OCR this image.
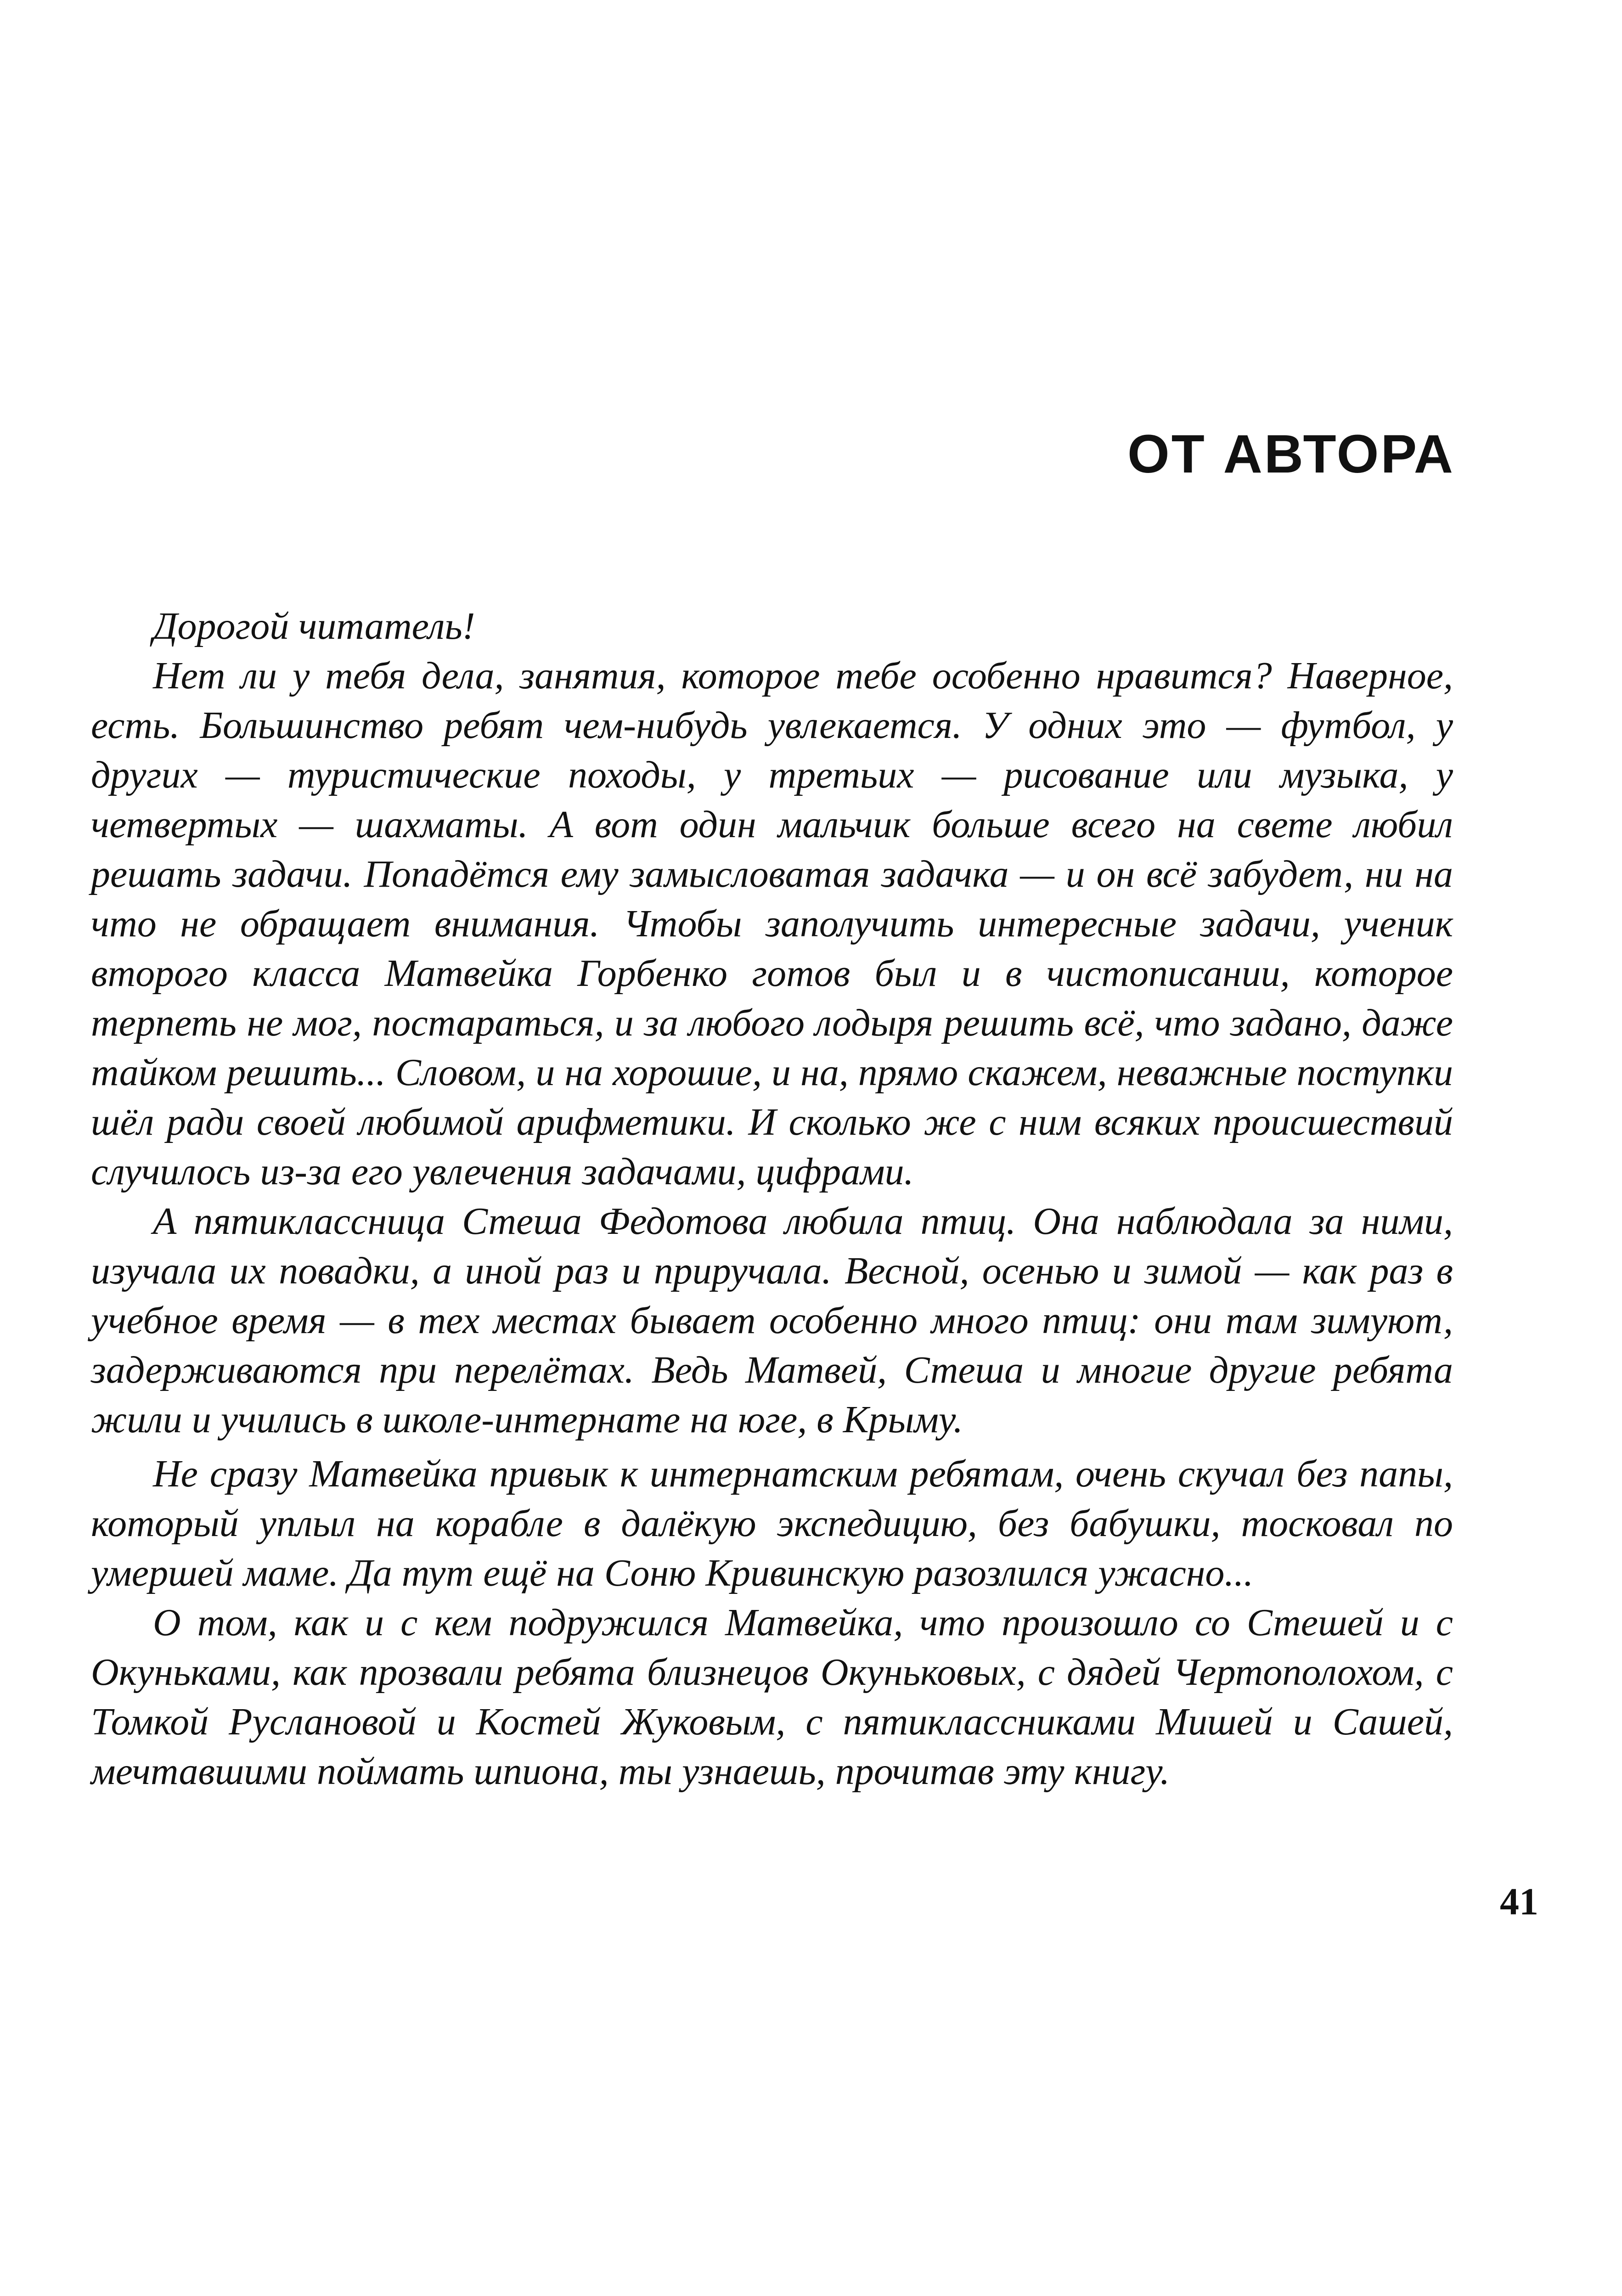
ОТ АВТОРА

Дорогой читатель!

Нет ли у тебя дела, занятия, которое тебе особенно нравится? Наверное, есть. Большинство ребят чем-нибудь увлекается. У одних это — футбол, у других — туристические походы, у третьих — рисование или музыка, у четвертых — шахматы. А вот один мальчик больше всего на свете любил решать задачи. Попадётся ему замысловатая задачка — и он всё забудет, ни на что не обращает внимания. Чтобы заполучить интересные задачи, ученик второго класса Матвейка Горбенко готов был и в чистописании, которое терпеть не мог, постараться, и за любого лодыря решить всё, что задано, даже тайком решить... Словом, и на хорошие, и на, прямо скажем, неважные поступки шёл ради своей любимой арифметики. И сколько же с ним всяких происшествий случилось из-за его увлечения задачами, цифрами.

А пятиклассница Стеша Федотова любила птиц. Она наблюдала за ними, изучала их повадки, а иной раз и приручала. Весной, осенью и зимой — как раз в учебное время — в тех местах бывает особенно много птиц: они там зимуют, задерживаются при перелётах. Ведь Матвей, Стеша и многие другие ребята жили и учились в школе-интернате на юге, в Крыму.

Не сразу Матвейка привык к интернатским ребятам, очень скучал без папы, который уплыл на корабле в далёкую экспедицию, без бабушки, тосковал по умершей маме. Да тут ещё на Соню Кривинскую разозлился ужасно...

О том, как и с кем подружился Матвейка, что произошло со Стешей и с Окуньками, как прозвали ребята близнецов Окуньковых, с дядей Чертополохом, с Томкой Руслановой и Костей Жуковым, с пятиклассниками Мишей и Сашей, мечтавшими поймать шпиона, ты узнаешь, прочитав эту книгу.

41
